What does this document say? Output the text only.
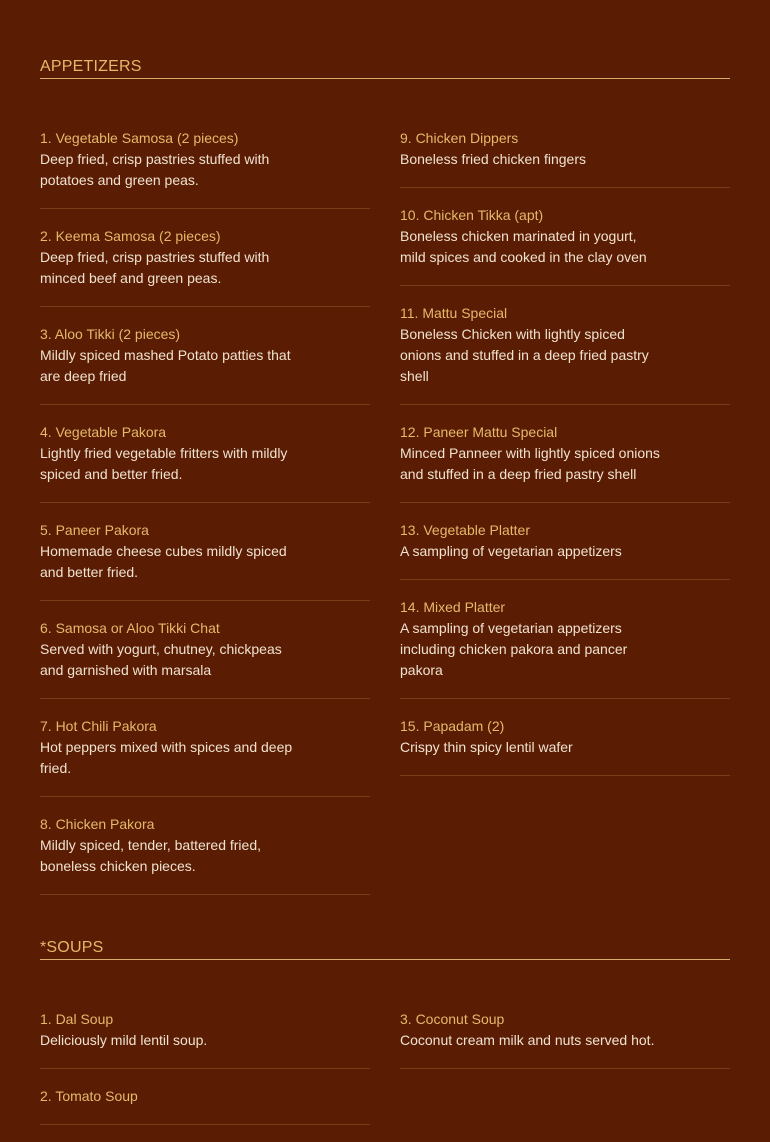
APPETIZERS
1. Vegetable Samosa (2 pieces)
Deep fried, crisp pastries stuffed with potatoes and green peas.
2. Keema Samosa (2 pieces)
Deep fried, crisp pastries stuffed with minced beef and green peas.
3. Aloo Tikki (2 pieces)
Mildly spiced mashed Potato patties that are deep fried
4. Vegetable Pakora
Lightly fried vegetable fritters with mildly spiced and better fried.
5. Paneer Pakora
Homemade cheese cubes mildly spiced and better fried.
6. Samosa or Aloo Tikki Chat
Served with yogurt, chutney, chickpeas and garnished with marsala
7. Hot Chili Pakora
Hot peppers mixed with spices and deep fried.
8. Chicken Pakora
Mildly spiced, tender, battered fried, boneless chicken pieces.
9. Chicken Dippers
Boneless fried chicken fingers
10. Chicken Tikka (apt)
Boneless chicken marinated in yogurt, mild spices and cooked in the clay oven
11. Mattu Special
Boneless Chicken with lightly spiced onions and stuffed in a deep fried pastry shell
12. Paneer Mattu Special
Minced Panneer with lightly spiced onions and stuffed in a deep fried pastry shell
13. Vegetable Platter
A sampling of vegetarian appetizers
14. Mixed Platter
A sampling of vegetarian appetizers including chicken pakora and pancer pakora
15. Papadam (2)
Crispy thin spicy lentil wafer
*SOUPS
1. Dal Soup
Deliciously mild lentil soup.
2. Tomato Soup
3. Coconut Soup
Coconut cream milk and nuts served hot.
